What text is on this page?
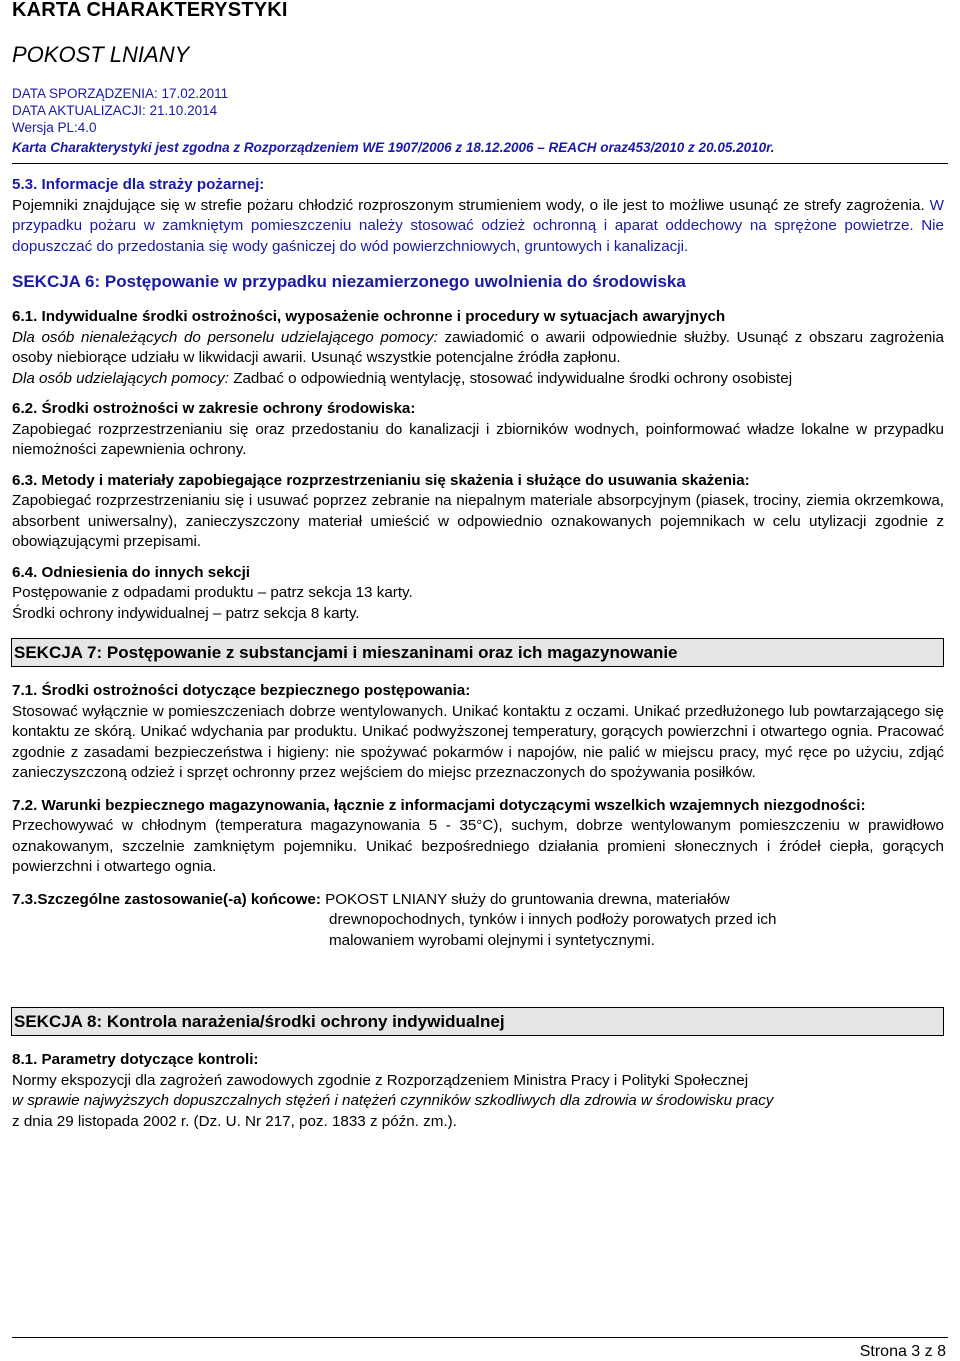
KARTA CHARAKTERYSTYKI
POKOST LNIANY
DATA SPORZĄDZENIA: 17.02.2011
DATA AKTUALIZACJI: 21.10.2014
Wersja PL:4.0
Karta Charakterystyki jest zgodna z Rozporządzeniem WE 1907/2006 z 18.12.2006 – REACH oraz453/2010 z 20.05.2010r.

5.3. Informacje dla straży pożarnej:

Pojemniki znajdujące się w strefie pożaru chłodzić rozproszonym strumieniem wody, o ile jest to możliwe usunąć ze strefy zagrożenia. W przypadku pożaru w zamkniętym pomieszczeniu należy stosować odzież ochronną i aparat oddechowy na sprężone powietrze. Nie dopuszczać do przedostania się wody gaśniczej do wód powierzchniowych, gruntowych i kanalizacji.

SEKCJA 6: Postępowanie w przypadku niezamierzonego uwolnienia do środowiska

6.1. Indywidualne środki ostrożności, wyposażenie ochronne i procedury w sytuacjach awaryjnych

Dla osób nienależących do personelu udzielającego pomocy: zawiadomić o awarii odpowiednie służby. Usunąć z obszaru zagrożenia osoby niebiorące udziału w likwidacji awarii. Usunąć wszystkie potencjalne źródła zapłonu.

Dla osób udzielających pomocy: Zadbać o odpowiednią wentylację, stosować indywidualne środki ochrony osobistej

6.2. Środki ostrożności w zakresie ochrony środowiska:

Zapobiegać rozprzestrzenianiu się oraz przedostaniu do kanalizacji i zbiorników wodnych, poinformować władze lokalne w przypadku niemożności zapewnienia ochrony.

6.3. Metody i materiały zapobiegające rozprzestrzenianiu się skażenia i służące do usuwania skażenia:

Zapobiegać rozprzestrzenianiu się i usuwać poprzez zebranie na niepalnym materiale absorpcyjnym (piasek, trociny, ziemia okrzemkowa, absorbent uniwersalny), zanieczyszczony materiał umieścić w odpowiednio oznakowanych pojemnikach w celu utylizacji zgodnie z obowiązującymi przepisami.

6.4. Odniesienia do innych sekcji

Postępowanie z odpadami produktu – patrz sekcja 13 karty.

Środki ochrony indywidualnej – patrz sekcja 8 karty.

SEKCJA 7: Postępowanie z substancjami i mieszaninami oraz ich magazynowanie

7.1. Środki ostrożności dotyczące bezpiecznego postępowania:

Stosować wyłącznie w pomieszczeniach dobrze wentylowanych. Unikać kontaktu z oczami. Unikać przedłużonego lub powtarzającego się kontaktu ze skórą. Unikać wdychania par produktu. Unikać podwyższonej temperatury, gorących powierzchni i otwartego ognia. Pracować zgodnie z zasadami bezpieczeństwa i higieny: nie spożywać pokarmów i napojów, nie palić w miejscu pracy, myć ręce po użyciu, zdjąć zanieczyszczoną odzież i sprzęt ochronny przez wejściem do miejsc przeznaczonych do spożywania posiłków.

7.2. Warunki bezpiecznego magazynowania, łącznie z informacjami dotyczącymi wszelkich wzajemnych niezgodności:

Przechowywać w chłodnym (temperatura magazynowania 5 - 35°C), suchym, dobrze wentylowanym pomieszczeniu w prawidłowo oznakowanym, szczelnie zamkniętym pojemniku. Unikać bezpośredniego działania promieni słonecznych i źródeł ciepła, gorących powierzchni i otwartego ognia.

7.3.Szczególne zastosowanie(-a) końcowe: POKOST LNIANY służy do gruntowania drewna, materiałów

drewnopochodnych, tynków i innych podłoży porowatych przed ich

malowaniem wyrobami olejnymi i syntetycznymi.

SEKCJA 8: Kontrola narażenia/środki ochrony indywidualnej

8.1. Parametry dotyczące kontroli:

Normy ekspozycji dla zagrożeń zawodowych zgodnie z Rozporządzeniem Ministra Pracy i Polityki Społecznej

w sprawie najwyższych dopuszczalnych stężeń i natężeń czynników szkodliwych dla zdrowia w środowisku pracy

z dnia 29 listopada 2002 r. (Dz. U. Nr 217, poz. 1833 z późn. zm.).

Strona 3 z 8
